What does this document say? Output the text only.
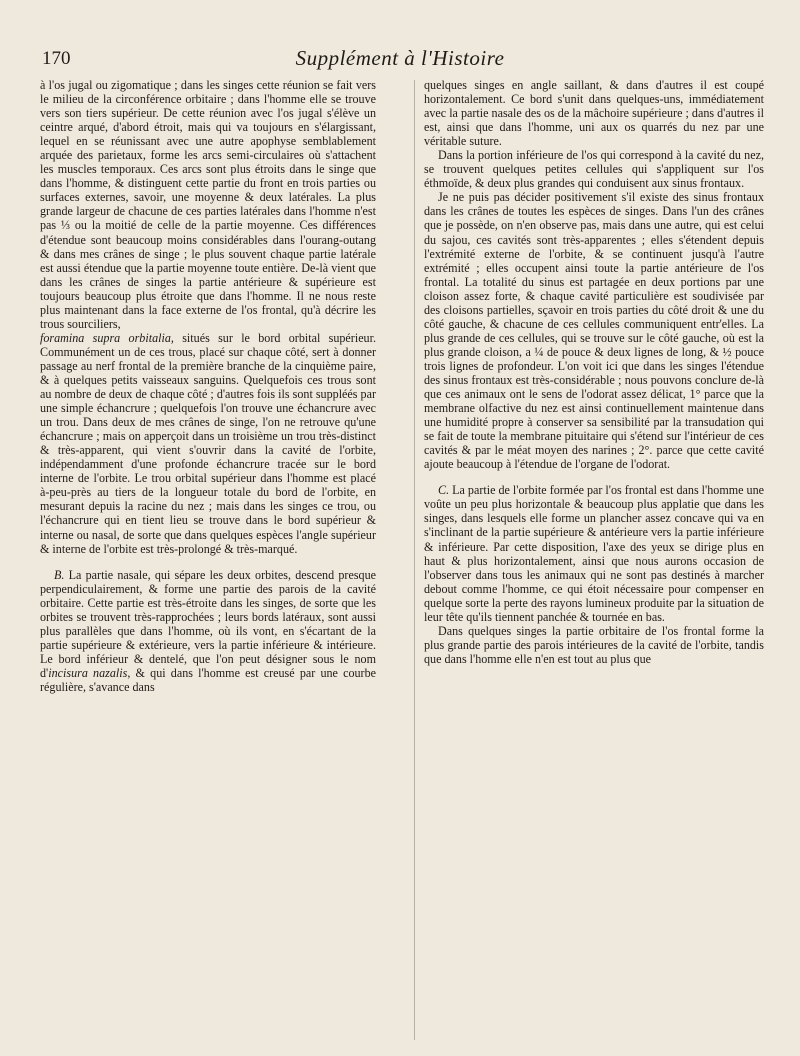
170	Supplément à l'Histoire

à l'os jugal ou zigomatique ; dans les singes cette réunion se fait vers le milieu de la circonférence orbitaire ; dans l'homme elle se trouve vers son tiers supérieur. De cette réunion avec l'os jugal s'élève un ceintre arqué, d'abord étroit, mais qui va toujours en s'élargissant, lequel en se réunissant avec une autre apophyse semblablement arquée des parietaux, forme les arcs semi-circulaires où s'attachent les muscles temporaux. Ces arcs sont plus étroits dans le singe que dans l'homme, & distinguent cette partie du front en trois parties ou surfaces externes, savoir, une moyenne & deux latérales. La plus grande largeur de chacune de ces parties latérales dans l'homme n'est pas ⅓ ou la moitié de celle de la partie moyenne. Ces différences d'étendue sont beaucoup moins considérables dans l'ourang-outang & dans mes crânes de singe ; le plus souvent chaque partie latérale est aussi étendue que la partie moyenne toute entière. De-là vient que dans les crânes de singes la partie antérieure & supérieure est toujours beaucoup plus étroite que dans l'homme. Il ne nous reste plus maintenant dans la face externe de l'os frontal, qu'à décrire les trous sourciliers,

foramina supra orbitalia, situés sur le bord orbital supérieur. Communément un de ces trous, placé sur chaque côté, sert à donner passage au nerf frontal de la première branche de la cinquième paire, & à quelques petits vaisseaux sanguins. Quelquefois ces trous sont au nombre de deux de chaque côté ; d'autres fois ils sont suppléés par une simple échancrure ; quelquefois l'on trouve une échancrure avec un trou. Dans deux de mes crânes de singe, l'on ne retrouve qu'une échancrure ; mais on apperçoit dans un troisième un trou très-distinct & très-apparent, qui vient s'ouvrir dans la cavité de l'orbite, indépendamment d'une profonde échancrure tracée sur le bord interne de l'orbite. Le trou orbital supérieur dans l'homme est placé à-peu-près au tiers de la longueur totale du bord de l'orbite, en mesurant depuis la racine du nez ; mais dans les singes ce trou, ou l'échancrure qui en tient lieu se trouve dans le bord supérieur & interne ou nasal, de sorte que dans quelques espèces l'angle supérieur & interne de l'orbite est très-prolongé & très-marqué.

B. La partie nasale, qui sépare les deux orbites, descend presque perpendiculairement, & forme une partie des parois de la cavité orbitaire. Cette partie est très-étroite dans les singes, de sorte que les orbites se trouvent très-rapprochées ; leurs bords latéraux, sont aussi plus parallèles que dans l'homme, où ils vont, en s'écartant de la partie supérieure & extérieure, vers la partie inférieure & intérieure. Le bord inférieur & dentelé, que l'on peut désigner sous le nom d'incisura nazalis, & qui dans l'homme est creusé par une courbe régulière, s'avance dans

quelques singes en angle saillant, & dans d'autres il est coupé horizontalement. Ce bord s'unit dans quelques-uns, immédiatement avec la partie nasale des os de la mâchoire supérieure ; dans d'autres il est, ainsi que dans l'homme, uni aux os quarrés du nez par une véritable suture.

Dans la portion inférieure de l'os qui correspond à la cavité du nez, se trouvent quelques petites cellules qui s'appliquent sur l'os éthmoïde, & deux plus grandes qui conduisent aux sinus frontaux.

Je ne puis pas décider positivement s'il existe des sinus frontaux dans les crânes de toutes les espèces de singes. Dans l'un des crânes que je possède, on n'en observe pas, mais dans une autre, qui est celui du sajou, ces cavités sont très-apparentes ; elles s'étendent depuis l'extrémité externe de l'orbite, & se continuent jusqu'à l'autre extrémité ; elles occupent ainsi toute la partie antérieure de l'os frontal. La totalité du sinus est partagée en deux portions par une cloison assez forte, & chaque cavité particulière est soudivisée par des cloisons partielles, sçavoir en trois parties du côté droit & une du côté gauche, & chacune de ces cellules communiquent entr'elles. La plus grande de ces cellules, qui se trouve sur le côté gauche, où est la plus grande cloison, a ¼ de pouce & deux lignes de long, & ½ pouce trois lignes de profondeur. L'on voit ici que dans les singes l'étendue des sinus frontaux est très-considérable ; nous pouvons conclure de-là que ces animaux ont le sens de l'odorat assez délicat, 1° parce que la membrane olfactive du nez est ainsi continuellement maintenue dans une humidité propre à conserver sa sensibilité par la transudation qui se fait de toute la membrane pituitaire qui s'étend sur l'intérieur de ces cavités & par le méat moyen des narines ; 2°. parce que cette cavité ajoute beaucoup à l'étendue de l'organe de l'odorat.

C. La partie de l'orbite formée par l'os frontal est dans l'homme une voûte un peu plus horizontale & beaucoup plus applatie que dans les singes, dans lesquels elle forme un plancher assez concave qui va en s'inclinant de la partie supérieure & antérieure vers la partie inférieure & inférieure. Par cette disposition, l'axe des yeux se dirige plus en haut & plus horizontalement, ainsi que nous aurons occasion de l'observer dans tous les animaux qui ne sont pas destinés à marcher debout comme l'homme, ce qui étoit nécessaire pour compenser en quelque sorte la perte des rayons lumineux produite par la situation de leur tête qu'ils tiennent panchée & tournée en bas.

Dans quelques singes la partie orbitaire de l'os frontal forme la plus grande partie des parois intérieures de la cavité de l'orbite, tandis que dans l'homme elle n'en est tout au plus que
